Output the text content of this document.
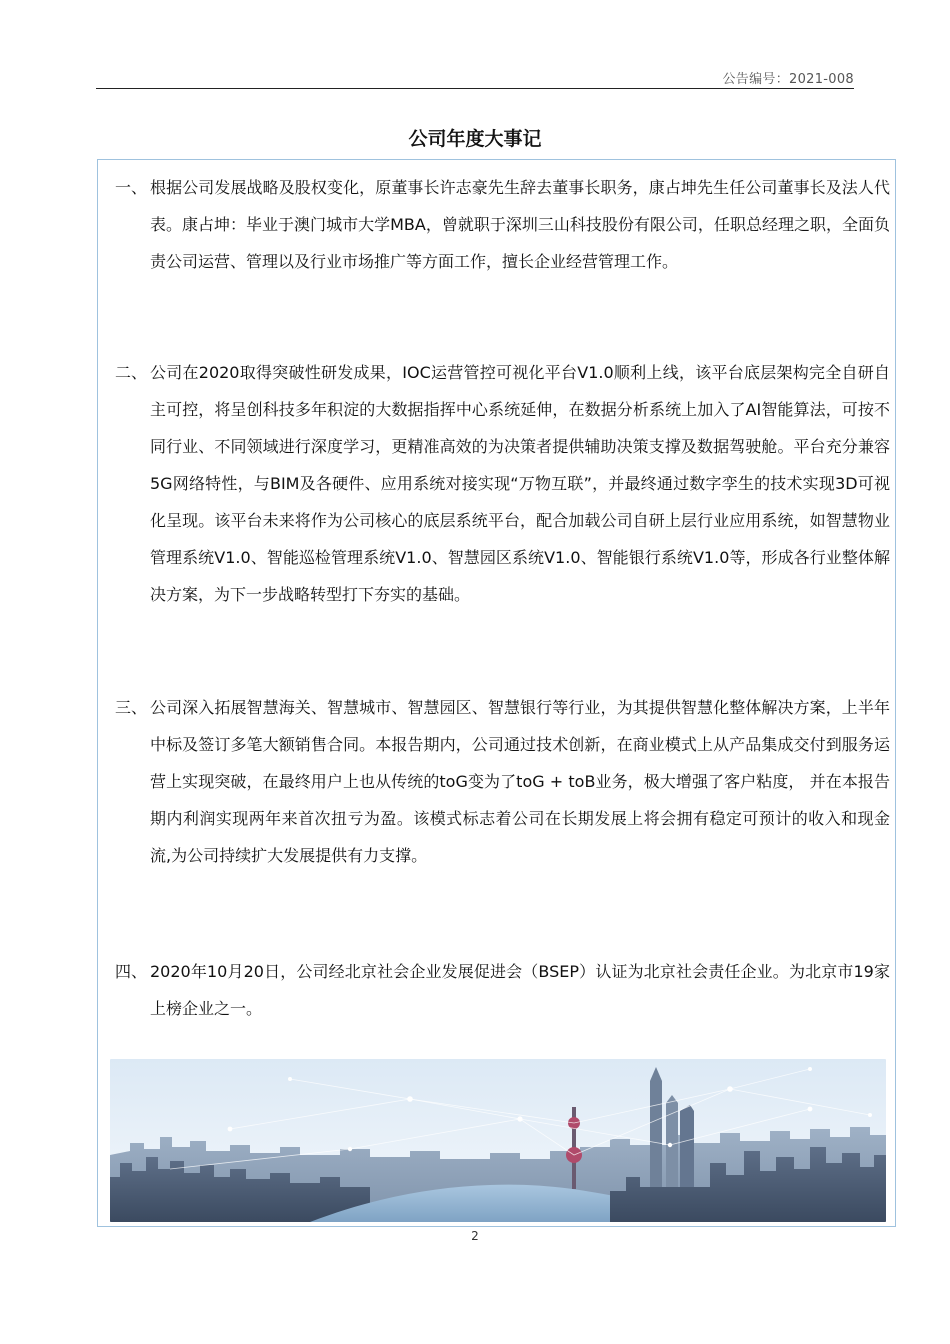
公告编号：2021-008
公司年度大事记
一、 根据公司发展战略及股权变化，原董事长许志豪先生辞去董事长职务，康占坤先生任公司董事长及法人代表。康占坤：毕业于澳门城市大学MBA，曾就职于深圳三山科技股份有限公司，任职总经理之职，全面负责公司运营、管理以及行业市场推广等方面工作，擅长企业经营管理工作。
二、 公司在2020取得突破性研发成果，IOC运营管控可视化平台V1.0顺利上线，该平台底层架构完全自研自主可控，将呈创科技多年积淀的大数据指挥中心系统延伸，在数据分析系统上加入了AI智能算法，可按不同行业、不同领域进行深度学习，更精准高效的为决策者提供辅助决策支撑及数据驾驶舱。平台充分兼容5G网络特性，与BIM及各硬件、应用系统对接实现“万物互联”，并最终通过数字孪生的技术实现3D可视化呈现。该平台未来将作为公司核心的底层系统平台，配合加载公司自研上层行业应用系统，如智慧物业管理系统V1.0、智能巡检管理系统V1.0、智慧园区系统V1.0、智能银行系统V1.0等，形成各行业整体解决方案，为下一步战略转型打下夯实的基础。
三、 公司深入拓展智慧海关、智慧城市、智慧园区、智慧银行等行业，为其提供智慧化整体解决方案，上半年中标及签订多笔大额销售合同。本报告期内，公司通过技术创新，在商业模式上从产品集成交付到服务运营上实现突破，在最终用户上也从传统的toG变为了toG + toB业务，极大增强了客户粘度， 并在本报告期内利润实现两年来首次扭亏为盈。该模式标志着公司在长期发展上将会拥有稳定可预计的收入和现金流,为公司持续扩大发展提供有力支撑。
四、 2020年10月20日，公司经北京社会企业发展促进会（BSEP）认证为北京社会责任企业。为北京市19家上榜企业之一。
2
